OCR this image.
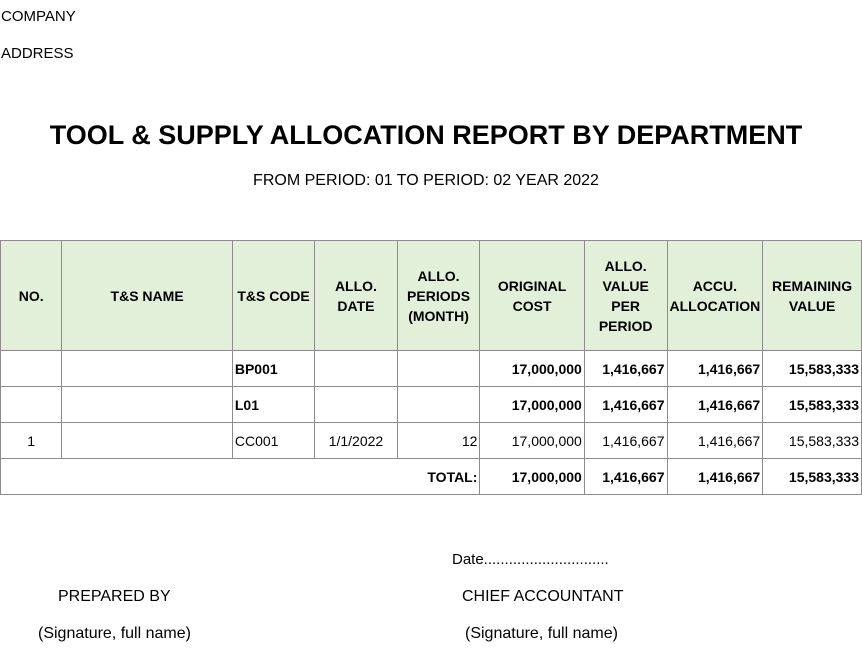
COMPANY
ADDRESS
TOOL & SUPPLY ALLOCATION REPORT BY DEPARTMENT
FROM PERIOD: 01 TO PERIOD: 02 YEAR 2022
NO.	T&S NAME	T&S CODE	ALLO. DATE	ALLO. PERIODS (MONTH)	ORIGINAL COST	ALLO. VALUE PER PERIOD	ACCU. ALLOCATION	REMAINING VALUE
		BP001			17,000,000	1,416,667	1,416,667	15,583,333
		L01			17,000,000	1,416,667	1,416,667	15,583,333
1		CC001	1/1/2022	12	17,000,000	1,416,667	1,416,667	15,583,333
TOTAL:					17,000,000	1,416,667	1,416,667	15,583,333
Date..............................
PREPARED BY	CHIEF ACCOUNTANT
(Signature, full name)	(Signature, full name)
